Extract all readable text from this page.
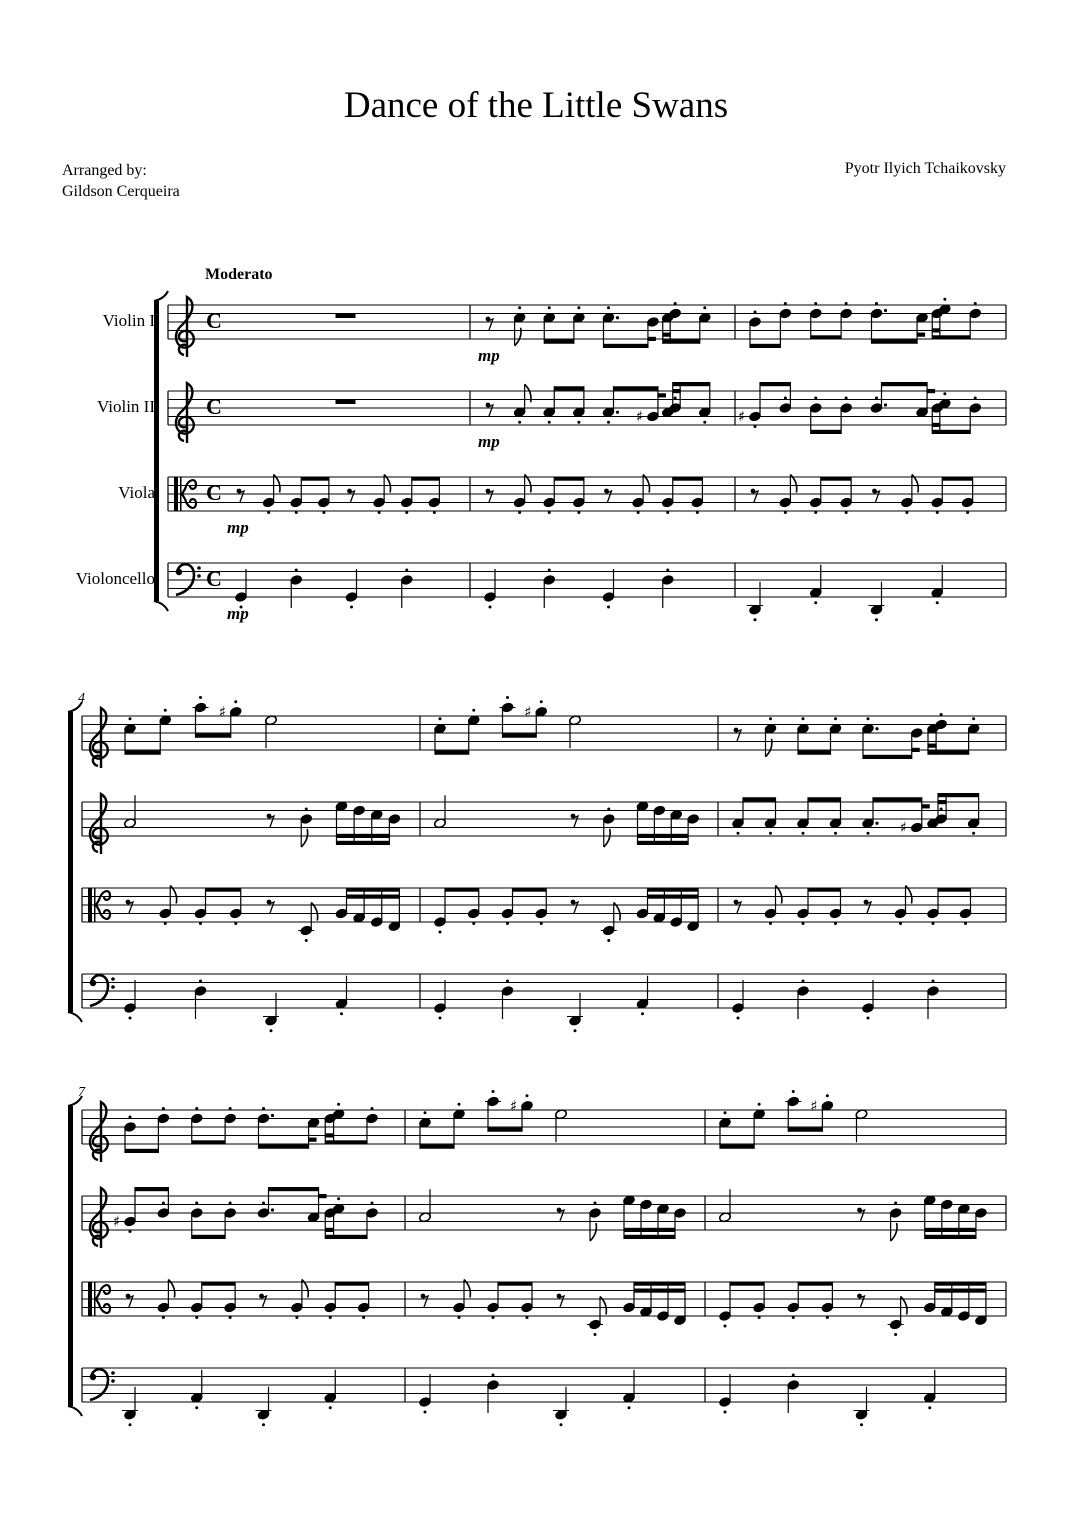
Dance of the Little Swans
Arranged by:
Gildson Cerqueira
Pyotr Ilyich Tchaikovsky
Moderato
Violin I C
mp
Violin II C	♯	♯
mp
Viola C
mp
Violoncello C
mp
4
♯	♯
♯
7
♯	♯
♯
